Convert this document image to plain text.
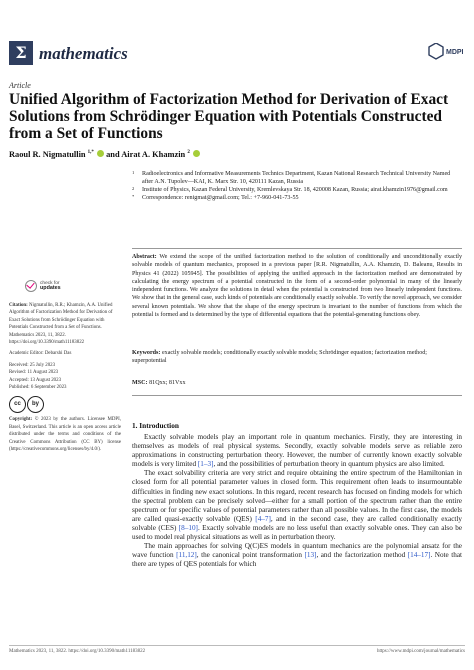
Σ mathematics	MDPI
Article
Unified Algorithm of Factorization Method for Derivation of Exact Solutions from Schrödinger Equation with Potentials Constructed from a Set of Functions
Raoul R. Nigmatullin $^{1,*}$  and Airat A. Khamzin $^2$
1 Radioelectronics and Informative Measurements Technics Department, Kazan National Research Technical University Named after A.N. Tupolev—KAI, K. Marx Str. 10, 420111 Kazan, Russia
2 Institute of Physics, Kazan Federal University, Kremlevskaya Str. 18, 420008 Kazan, Russia; airat.khamzin1976@gmail.com
* Correspondence: renigmat@gmail.com; Tel.: +7-960-041-73-55
Abstract: We extend the scope of the unified factorization method to the solution of conditionally and unconditionally exactly solvable models of quantum mechanics, proposed in a previous paper [R.R. Nigmatullin, A.A. Khamzin, D. Baleanu, Results in Physics 41 (2022) 105945]. The possibilities of applying the unified approach in the factorization method are demonstrated by calculating the energy spectrum of a potential constructed in the form of a second-order polynomial in many of the linearly independent functions. We analyze the solutions in detail when the potential is constructed from two linearly independent functions. We show that in the general case, such kinds of potentials are conditionally exactly solvable. To verify the novel approach, we consider several known potentials. We show that the shape of the energy spectrum is invariant to the number of functions from which the potential is formed and is determined by the type of differential equations that the potential-generating functions obey.
Keywords: exactly solvable models; conditionally exactly solvable models; Schrödinger equation; factorization method; superpotential
MSC: 81Qxx; 81Vxx
check for
updates
Citation: Nigmatullin, R.R.; Khamzin, A.A. Unified Algorithm of Factorization Method for Derivation of Exact Solutions from Schrödinger Equation with Potentials Constructed from a Set of Functions. Mathematics 2023, 11, 3822. https://doi.org/10.3390/math11183822
Academic Editor: Debarshi Das
Received: 25 July 2023
Revised: 11 August 2023
Accepted: 13 August 2023
Published: 6 September 2023
cc	by
Copyright: © 2023 by the authors. Licensee MDPI, Basel, Switzerland. This article is an open access article distributed under the terms and conditions of the Creative Commons Attribution (CC BY) license (https://creativecommons.org/licenses/by/4.0/).
1. Introduction

Exactly solvable models play an important role in quantum mechanics. Firstly, they are interesting in themselves as models of real physical systems. Secondly, exactly solvable models serve as reliable zero approximations in constructing perturbation theory. However, the number of currently known exactly solvable models is very limited [1–3], and the possibilities of perturbation theory in quantum physics are also limited.

The exact solvability criteria are very strict and require obtaining the entire spectrum of the Hamiltonian in closed form for all potential parameter values in closed form. This requirement often leads to insurmountable difficulties in finding new exact solutions. In this regard, recent research has focused on finding models for which the spectral problem can be precisely solved—either for a small portion of the spectrum rather than the entire spectrum or for specific values of potential parameters rather than all possible values. In the first case, the models are called quasi-exactly solvable (QES) [4–7], and in the second case, they are called conditionally exactly solvable (CES) [8–10]. Exactly solvable models are no less useful than exactly solvable ones. They can also be used to model real physical situations as well as in perturbation theory.

The main approaches for solving Q(C)ES models in quantum mechanics are the polynomial ansatz for the wave function [11,12], the canonical point transformation [13], and the factorization method [14–17]. Note that there are types of QES potentials for which

Mathematics 2023, 11, 3822. https://doi.org/10.3390/math11183822	https://www.mdpi.com/journal/mathematics
